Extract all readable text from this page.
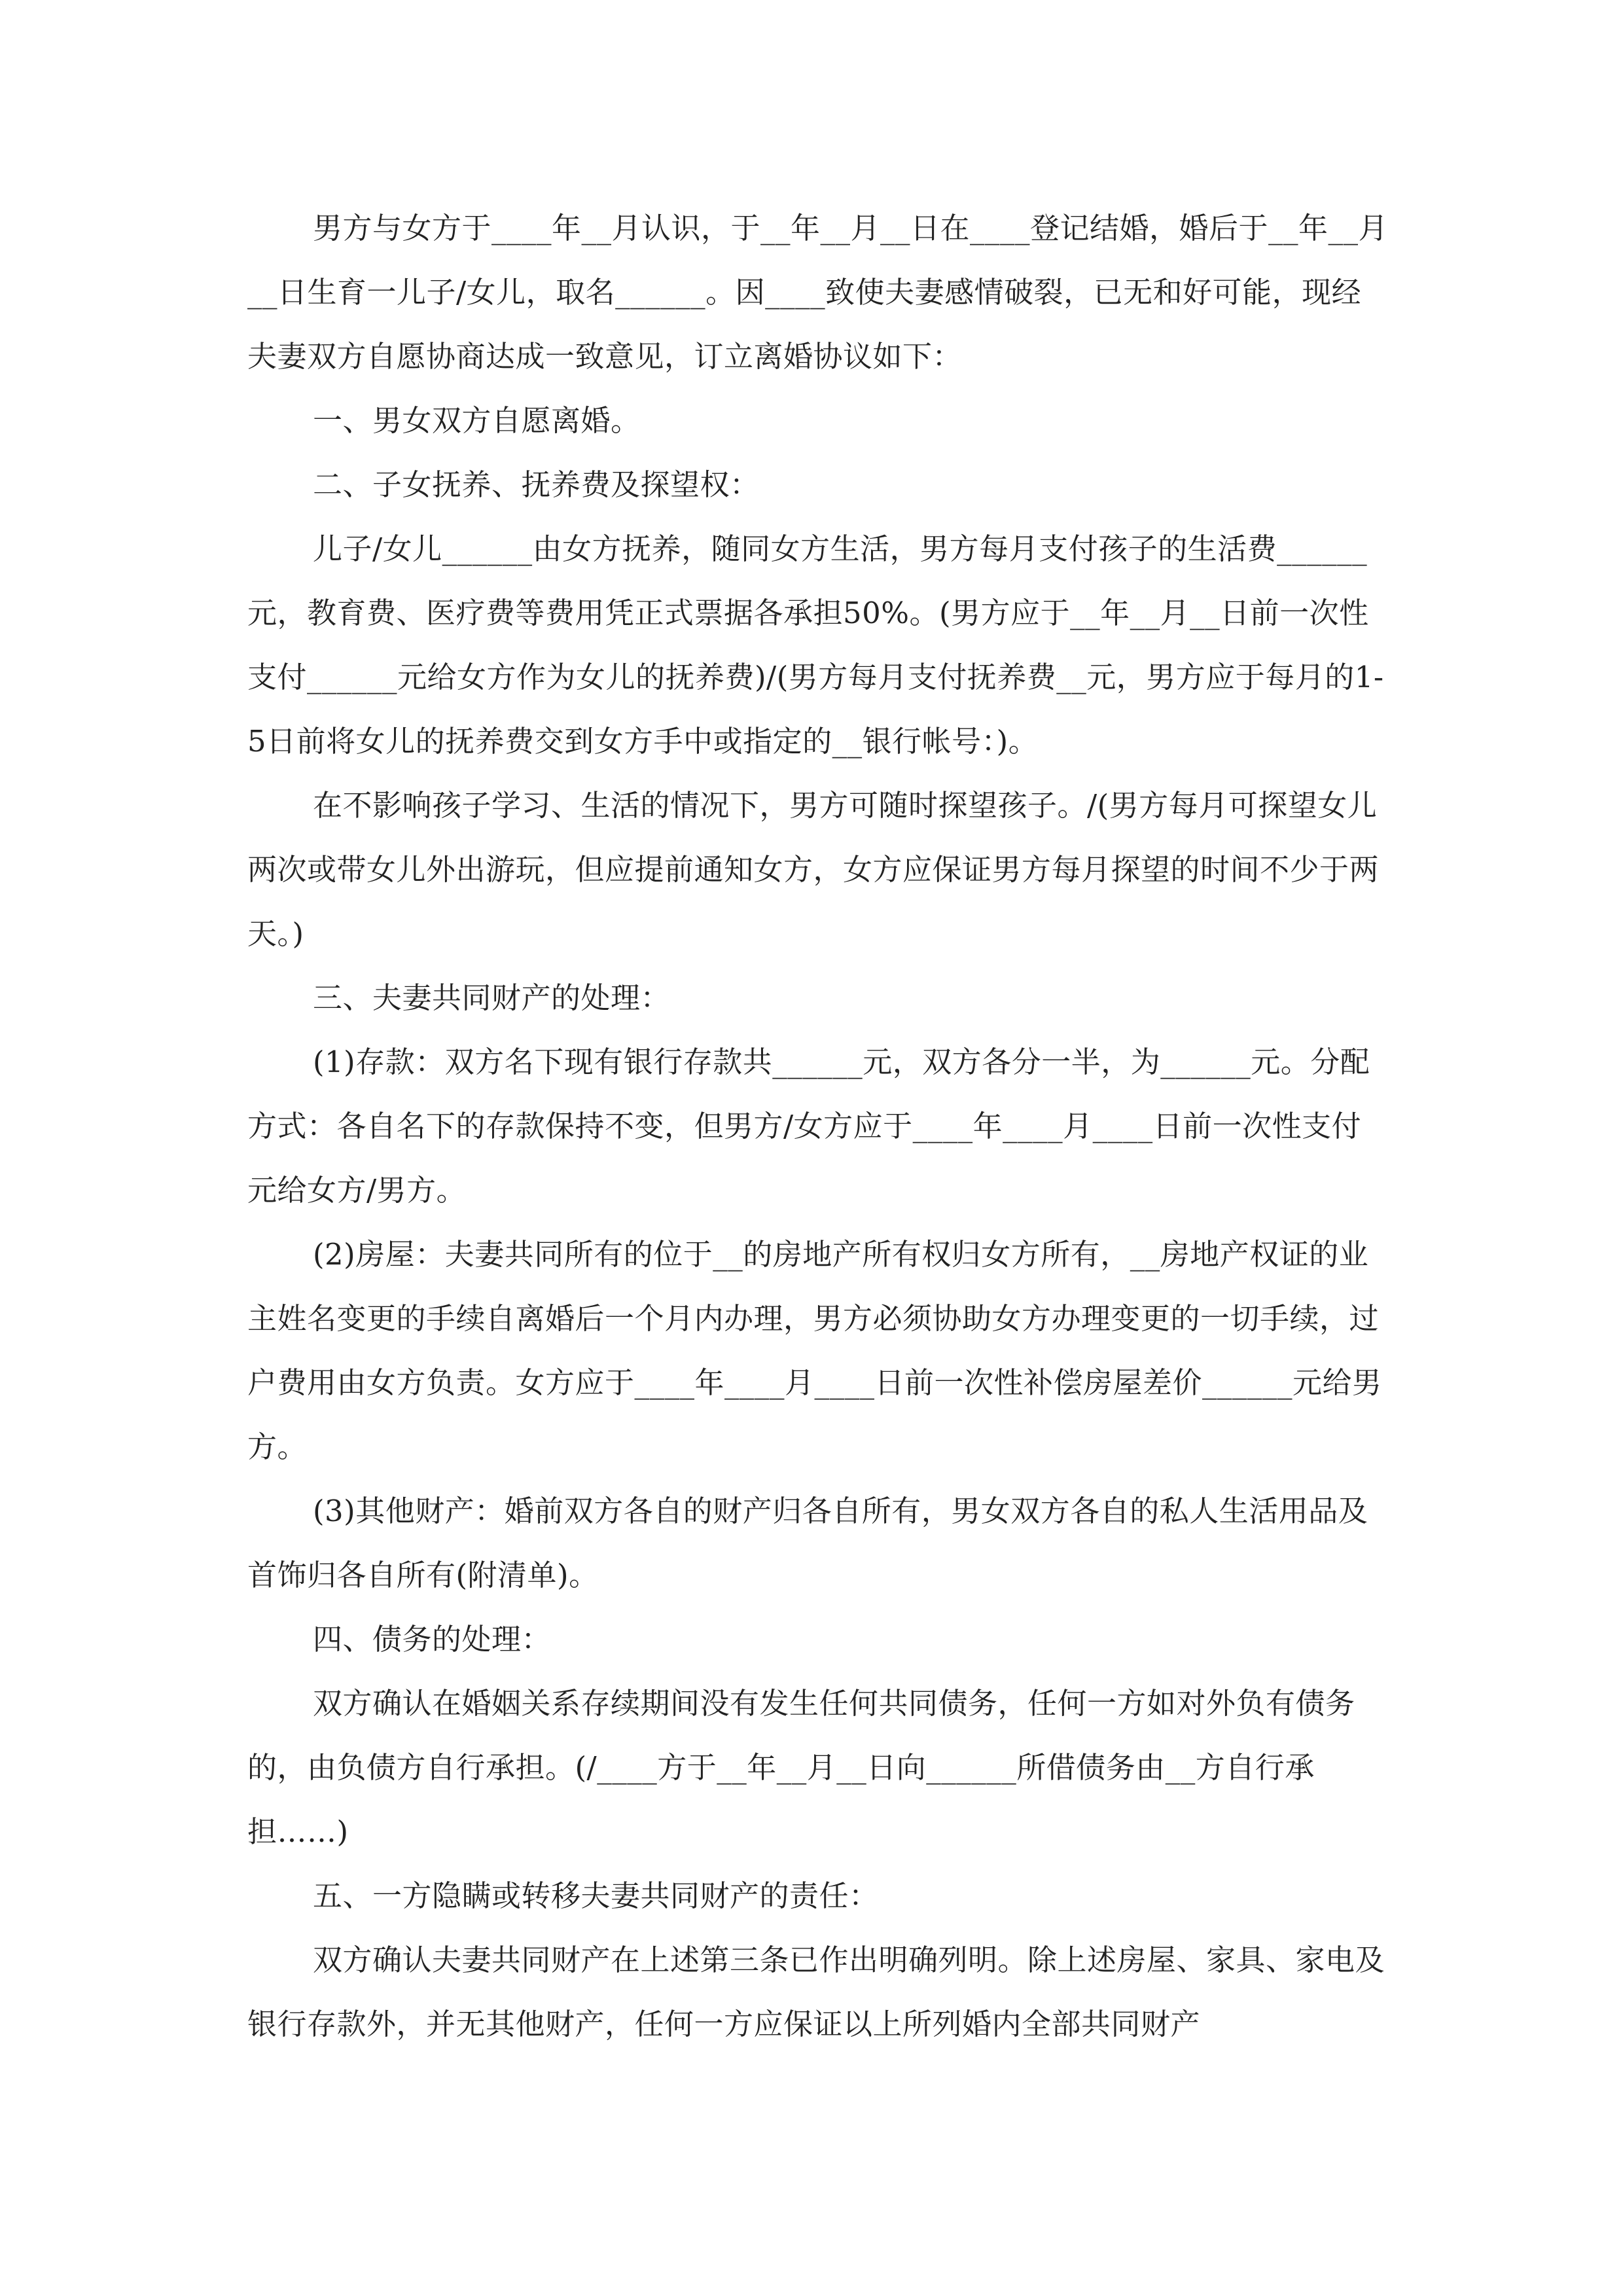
男方与女方于____年__月认识，于__年__月__日在____登记结婚，婚后于__年__月__日生育一儿子/女儿，取名______。因____致使夫妻感情破裂，已无和好可能，现经夫妻双方自愿协商达成一致意见，订立离婚协议如下：

一、男女双方自愿离婚。

二、子女抚养、抚养费及探望权：

儿子/女儿______由女方抚养，随同女方生活，男方每月支付孩子的生活费______元，教育费、医疗费等费用凭正式票据各承担50%。(男方应于__年__月__日前一次性支付______元给女方作为女儿的抚养费)/(男方每月支付抚养费__元，男方应于每月的1-5日前将女儿的抚养费交到女方手中或指定的__银行帐号：)。

在不影响孩子学习、生活的情况下，男方可随时探望孩子。/(男方每月可探望女儿两次或带女儿外出游玩，但应提前通知女方，女方应保证男方每月探望的时间不少于两天。)

三、夫妻共同财产的处理：

(1)存款：双方名下现有银行存款共______元，双方各分一半，为______元。分配方式：各自名下的存款保持不变，但男方/女方应于____年____月____日前一次性支付 元给女方/男方。

(2)房屋：夫妻共同所有的位于__的房地产所有权归女方所有，__房地产权证的业主姓名变更的手续自离婚后一个月内办理，男方必须协助女方办理变更的一切手续，过户费用由女方负责。女方应于____年____月____日前一次性补偿房屋差价______元给男方。

(3)其他财产：婚前双方各自的财产归各自所有，男女双方各自的私人生活用品及首饰归各自所有(附清单)。

四、债务的处理：

双方确认在婚姻关系存续期间没有发生任何共同债务，任何一方如对外负有债务的，由负债方自行承担。(/____方于__年__月__日向______所借债务由__方自行承担……)

五、一方隐瞒或转移夫妻共同财产的责任：

双方确认夫妻共同财产在上述第三条已作出明确列明。除上述房屋、家具、家电及银行存款外，并无其他财产，任何一方应保证以上所列婚内全部共同财产
